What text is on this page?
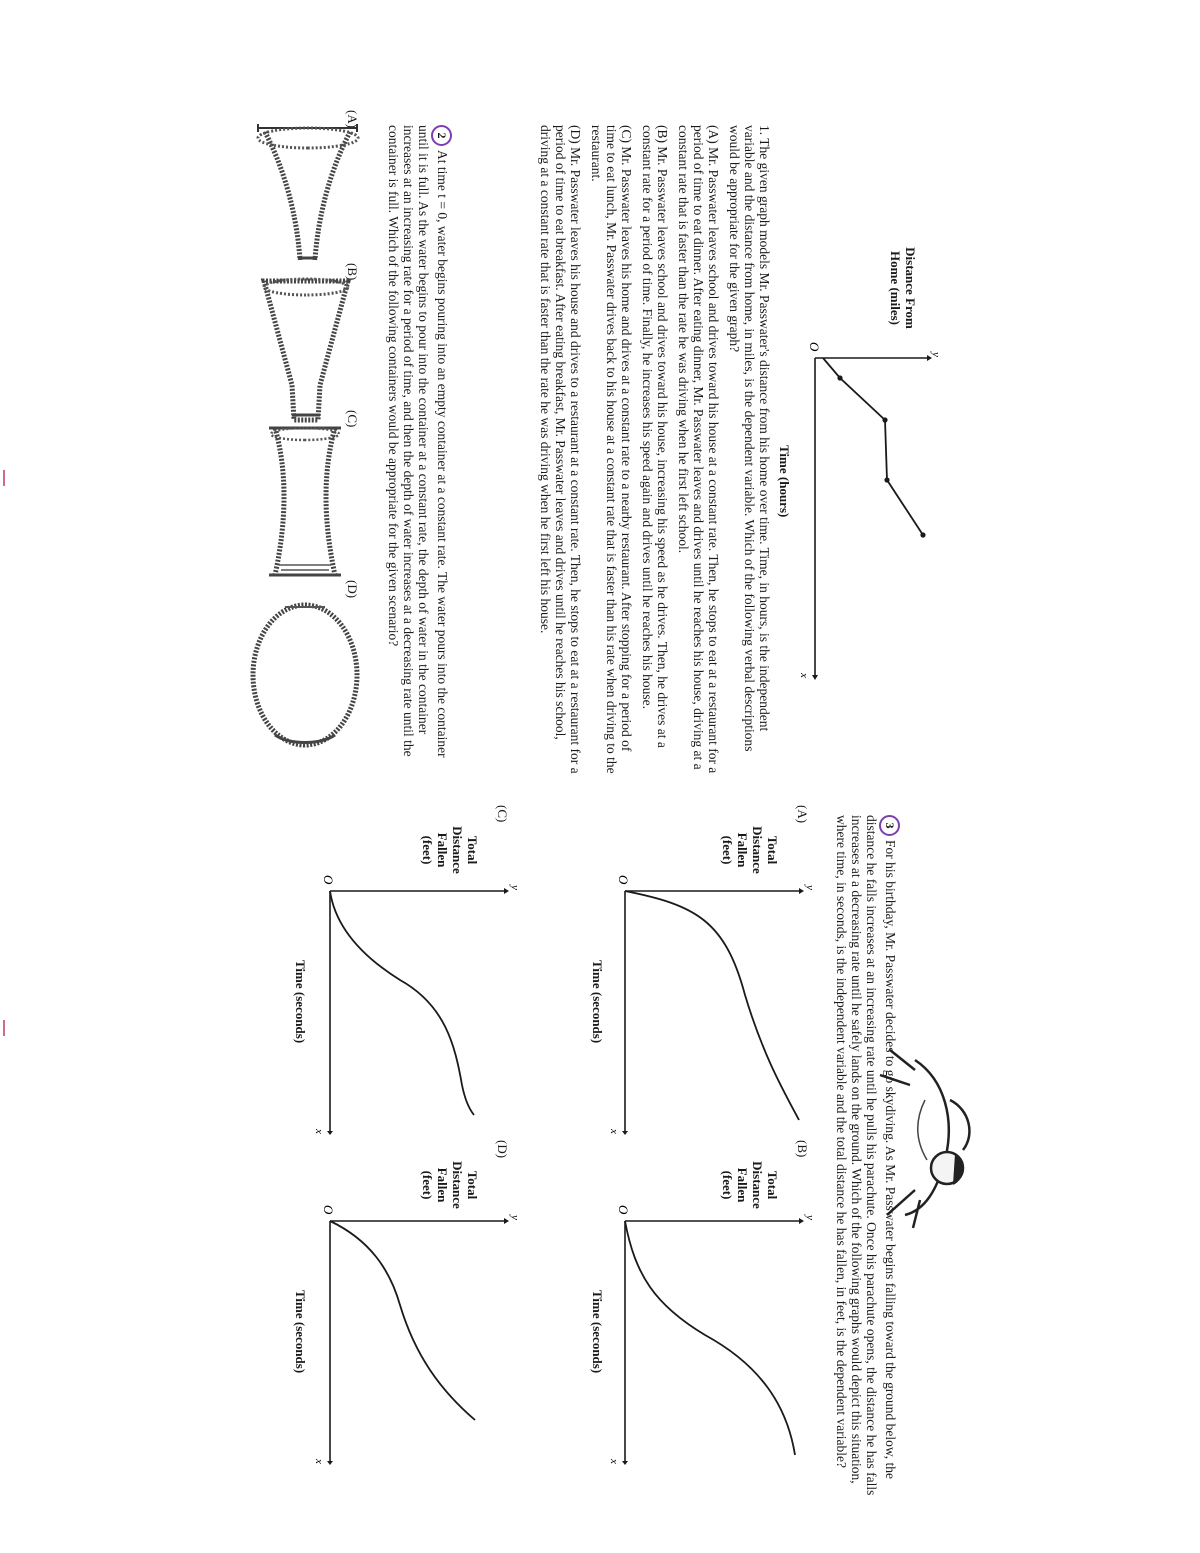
Distance From Home (miles)
O
y
x
Time (hours)

1. The given graph models Mr. Passwater's distance from his home over time. Time, in hours, is the independent variable and the distance from home, in miles, is the dependent variable. Which of the following verbal descriptions would be appropriate for the given graph?

(A) Mr. Passwater leaves school and drives toward his house at a constant rate. Then, he stops to eat at a restaurant for a period of time to eat dinner. After eating dinner, Mr. Passwater leaves and drives until he reaches his house, driving at a constant rate that is faster than the rate he was driving when he first left school.

(B) Mr. Passwater leaves school and drives toward his house, increasing his speed as he drives. Then, he drives at a constant rate for a period of time. Finally, he increases his speed again and drives until he reaches his house.

(C) Mr. Passwater leaves his home and drives at a constant rate to a nearby restaurant. After stopping for a period of time to eat lunch, Mr. Passwater drives back to his house at a constant rate that is faster than his rate when driving to the restaurant.

(D) Mr. Passwater leaves his house and drives to a restaurant at a constant rate. Then, he stops to eat at a restaurant for a period of time to eat breakfast. After eating breakfast, Mr. Passwater leaves and drives until he reaches his school, driving at a constant rate that is faster than the rate he was driving when he first left his house.

2At time t = 0, water begins pouring into an empty container at a constant rate. The water pours into the container until it is full. As the water begins to pour into the container at a constant rate, the depth of water in the container increases at an increasing rate for a period of time, and then the depth of water increases at a decreasing rate until the container is full. Which of the following containers would be appropriate for the given scenario?

(A)
(B)
(C)
(D)

3For his birthday, Mr. Passwater decides to go skydiving. As Mr. Passwater begins falling toward the ground below, the distance he falls increases at an increasing rate until he pulls his parachute. Once his parachute opens, the distance he has falls increases at a decreasing rate until he safely lands on the ground. Which of the following graphs would depict this situation, where time, in seconds, is the independent variable and the total distance he has fallen, in feet, is the dependent variable?

(A)
Total
Distance
Fallen
(feet)
O
y
x
Time (seconds)
(B)
Total
Distance
Fallen
(feet)
O
y
x
Time (seconds)
(C)
Total
Distance
Fallen
(feet)
O
y
x
Time (seconds)
(D)
Total
Distance
Fallen
(feet)
O
y
x
Time (seconds)
